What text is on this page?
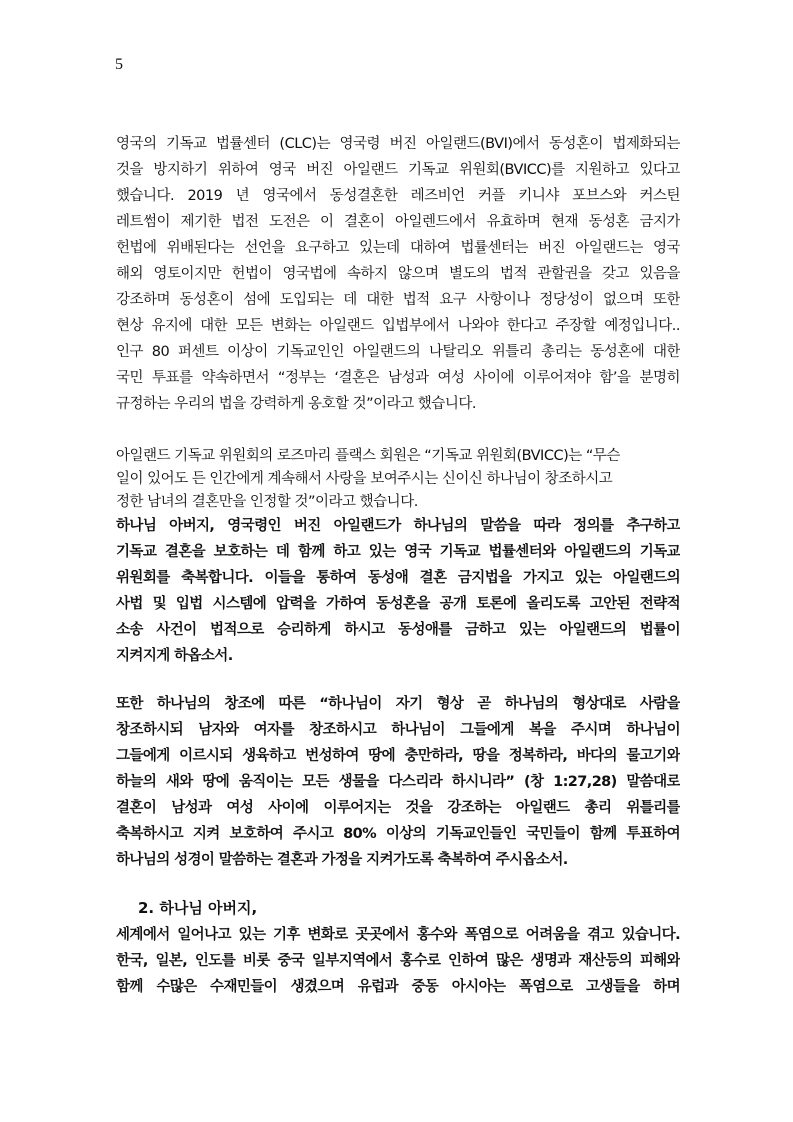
5
영국의 기독교 법률센터 (CLC)는 영국령 버진 아일랜드(BVI)에서 동성혼이 법제화되는
것을 방지하기 위하여 영국 버진 아일랜드 기독교 위원회(BVICC)를 지원하고 있다고
했습니다. 2019 년 영국에서 동성결혼한 레즈비언 커플 키니샤 포브스와 커스틴
레트썸이 제기한 법전 도전은 이 결혼이 아일렌드에서 유효하며 현재 동성혼 금지가
헌법에 위배된다는 선언을 요구하고 있는데 대하여 법률센터는 버진 아일랜드는 영국
해외 영토이지만 헌법이 영국법에 속하지 않으며 별도의 법적 관할권을 갖고 있음을
강조하며 동성혼이 섬에 도입되는 데 대한 법적 요구 사항이나 정당성이 없으며 또한
현상 유지에 대한 모든 변화는 아일랜드 입법부에서 나와야 한다고 주장할 예정입니다..
인구 80 퍼센트 이상이 기독교인인 아일랜드의 나탈리오 위틀리 총리는 동성혼에 대한
국민 투표를 약속하면서 “정부는 ‘결혼은 남성과 여성 사이에 이루어져야 함’을 분명히
규정하는 우리의 법을 강력하게 옹호할 것”이라고 했습니다.
아일랜드 기독교 위원회의 로즈마리 플랙스 회원은 “기독교 위원회(BVICC)는 “무슨
일이 있어도 든 인간에게 계속해서 사랑을 보여주시는 신이신 하나님이 창조하시고
정한 남녀의 결혼만을 인정할 것”이라고 했습니다.
하나님 아버지, 영국령인 버진 아일랜드가 하나님의 말씀을 따라 정의를 추구하고
기독교 결혼을 보호하는 데 함께 하고 있는 영국 기독교 법률센터와 아일랜드의 기독교
위원회를 축복합니다. 이들을 통하여 동성애 결혼 금지법을 가지고 있는 아일랜드의
사법 및 입법 시스템에 압력을 가하여 동성혼을 공개 토론에 올리도록 고안된 전략적
소송 사건이 법적으로 승리하게 하시고 동성애를 금하고 있는 아일랜드의 법률이
지켜지게 하옵소서.
또한 하나님의 창조에 따른 “하나님이 자기 형상 곧 하나님의 형상대로 사람을
창조하시되 남자와 여자를 창조하시고 하나님이 그들에게 복을 주시며 하나님이
그들에게 이르시되 생육하고 번성하여 땅에 충만하라, 땅을 정복하라, 바다의 물고기와
하늘의 새와 땅에 움직이는 모든 생물을 다스리라 하시니라” (창 1:27,28) 말씀대로
결혼이 남성과 여성 사이에 이루어지는 것을 강조하는 아일랜드 총리 위틀리를
축복하시고 지켜 보호하여 주시고 80% 이상의 기독교인들인 국민들이 함께 투표하여
하나님의 성경이 말씀하는 결혼과 가정을 지켜가도록 축복하여 주시옵소서.
2. 하나님 아버지,
세계에서 일어나고 있는 기후 변화로 곳곳에서 홍수와 폭염으로 어려움을 겪고 있습니다.
한국, 일본, 인도를 비롯 중국 일부지역에서 홍수로 인하여 많은 생명과 재산등의 피해와
함께 수많은 수재민들이 생겼으며 유럽과 중동 아시아는 폭염으로 고생들을 하며
